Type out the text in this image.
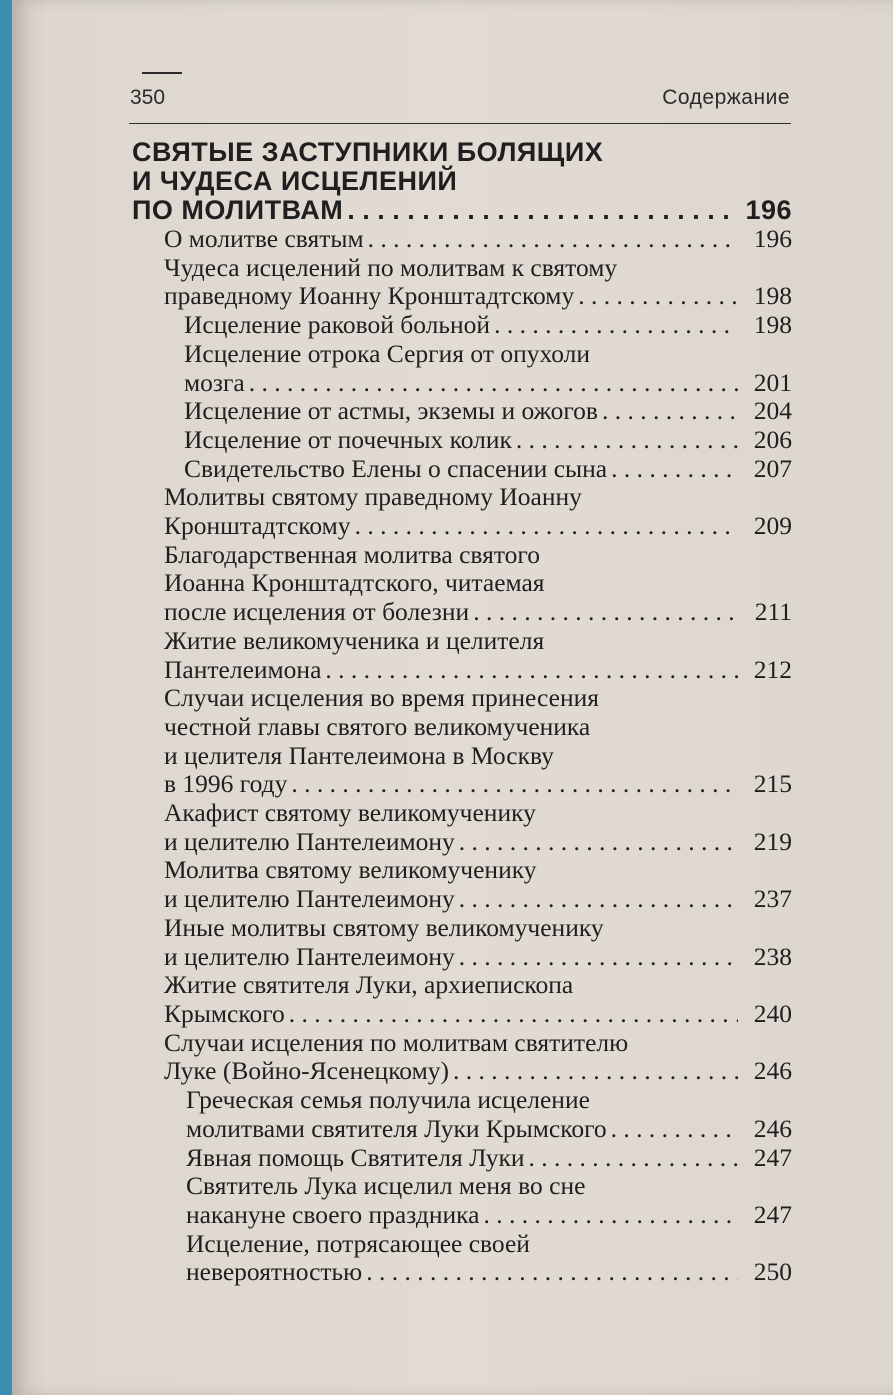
350	Содержание
СВЯТЫЕ ЗАСТУПНИКИ БОЛЯЩИХ
И ЧУДЕСА ИСЦЕЛЕНИЙ
ПО МОЛИТВАМ . . .	196
О молитве святым . . .	196
Чудеса исцелений по молитвам к святому
праведному Иоанну Кронштадтскому . . .	198
Исцеление раковой больной . . .	198
Исцеление отрока Сергия от опухоли
мозга . . .	201
Исцеление от астмы, экземы и ожогов . . .	204
Исцеление от почечных колик . . .	206
Свидетельство Елены о спасении сына . . .	207
Молитвы святому праведному Иоанну
Кронштадтскому . . .	209
Благодарственная молитва святого
Иоанна Кронштадтского, читаемая
после исцеления от болезни . . .	211
Житие великомученика и целителя
Пантелеимона . . .	212
Случаи исцеления во время принесения
честной главы святого великомученика
и целителя Пантелеимона в Москву
в 1996 году . . .	215
Акафист святому великомученику
и целителю Пантелеимону . . .	219
Молитва святому великомученику
и целителю Пантелеимону . . .	237
Иные молитвы святому великомученику
и целителю Пантелеимону . . .	238
Житие святителя Луки, архиепископа
Крымского . . .	240
Случаи исцеления по молитвам святителю
Луке (Войно-Ясенецкому) . . .	246
Греческая семья получила исцеление
молитвами святителя Луки Крымского . . .	246
Явная помощь Святителя Луки . . .	247
Святитель Лука исцелил меня во сне
накануне своего праздника . . .	247
Исцеление, потрясающее своей
невероятностью . . .	250
